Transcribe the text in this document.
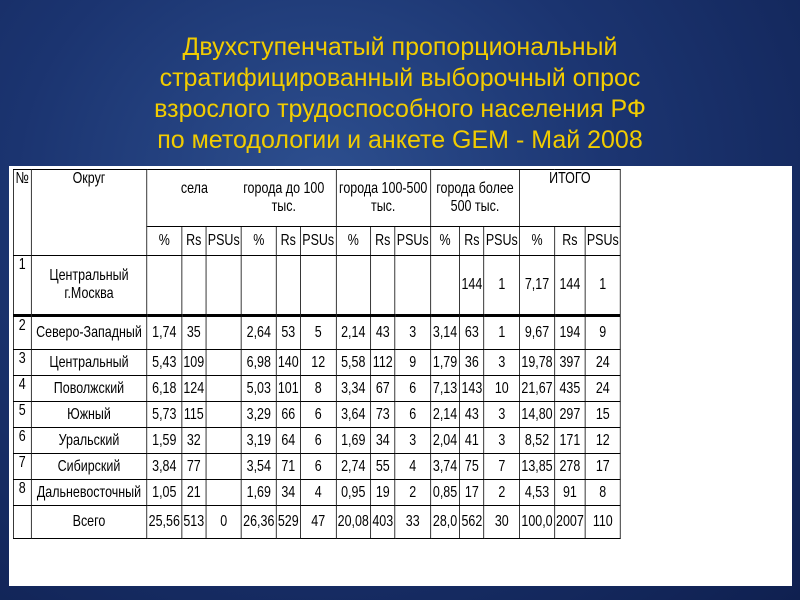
Двухступенчатый пропорциональный
стратифицированный выборочный опрос
взрослого трудоспособного населения РФ
по методологии и анкете GEM - Май 2008
№	Округ	села города до 100 тыс.						города 100-500 тыс.			города более 500 тыс.			ИТОГО		
		%	Rs	PSUs	%	Rs	PSUs	%	Rs	PSUs	%	Rs	PSUs	%	Rs	PSUs
1	Центральный г.Москва											144	1	7,17	144	1
2	Северо-Западный	1,74	35		2,64	53	5	2,14	43	3	3,14	63	1	9,67	194	9
3	Центральный	5,43	109		6,98	140	12	5,58	112	9	1,79	36	3	19,78	397	24
4	Поволжский	6,18	124		5,03	101	8	3,34	67	6	7,13	143	10	21,67	435	24
5	Южный	5,73	115		3,29	66	6	3,64	73	6	2,14	43	3	14,80	297	15
6	Уральский	1,59	32		3,19	64	6	1,69	34	3	2,04	41	3	8,52	171	12
7	Сибирский	3,84	77		3,54	71	6	2,74	55	4	3,74	75	7	13,85	278	17
8	Дальневосточный	1,05	21		1,69	34	4	0,95	19	2	0,85	17	2	4,53	91	8
	Всего	25,56	513	0	26,36	529	47	20,08	403	33	28,0	562	30	100,0	2007	110
